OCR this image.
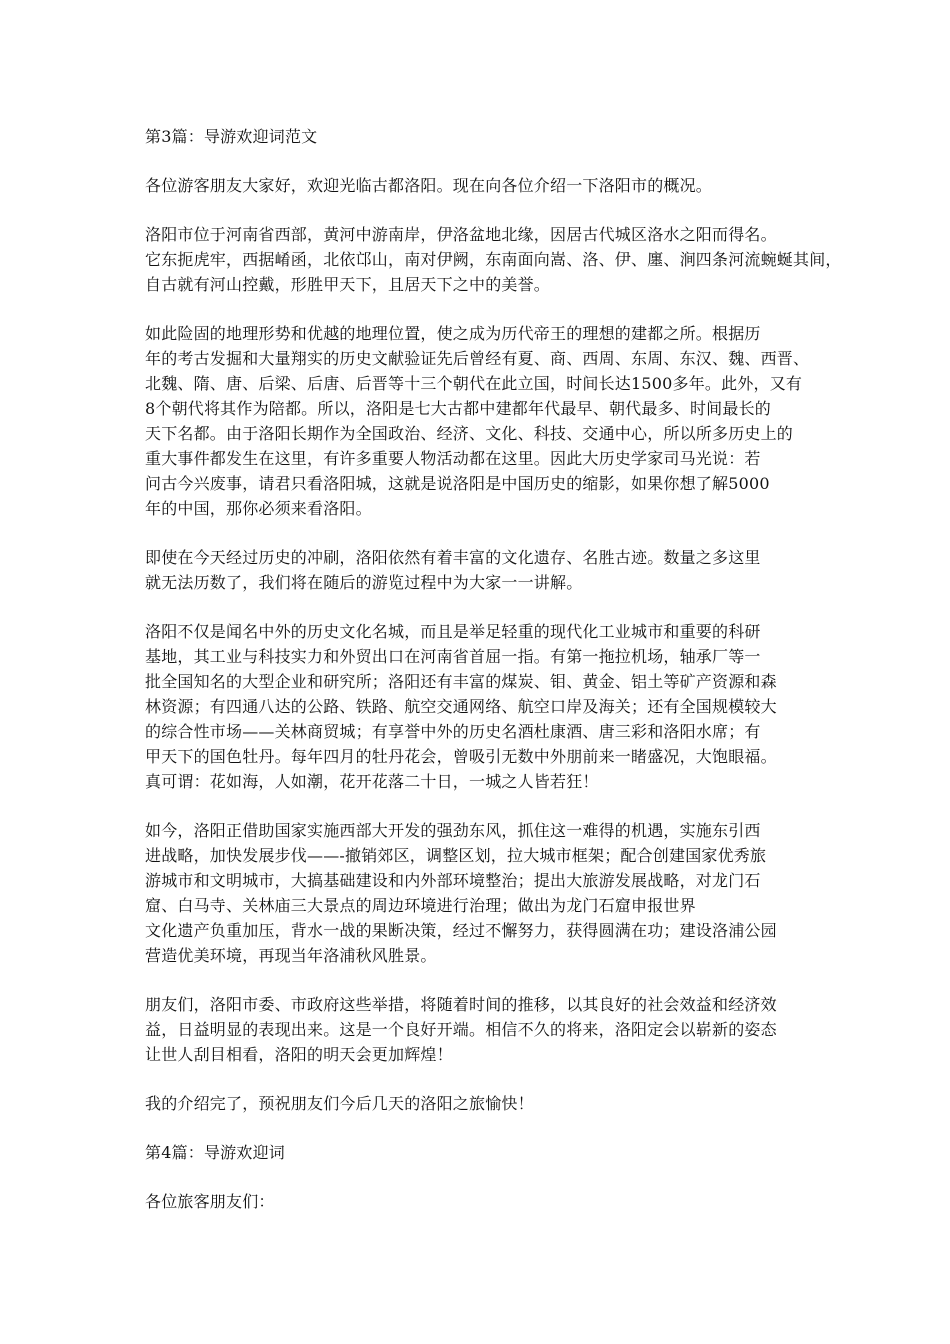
第3篇：导游欢迎词范文

各位游客朋友大家好，欢迎光临古都洛阳。现在向各位介绍一下洛阳市的概况。

洛阳市位于河南省西部，黄河中游南岸，伊洛盆地北缘，因居古代城区洛水之阳而得名。
它东扼虎牢，西据崤函，北依邙山，南对伊阙，东南面向嵩、洛、伊、廛、涧四条河流蜿蜒其间，
自古就有河山控戴，形胜甲天下，且居天下之中的美誉。

如此险固的地理形势和优越的地理位置，使之成为历代帝王的理想的建都之所。根据历
年的考古发掘和大量翔实的历史文献验证先后曾经有夏、商、西周、东周、东汉、魏、西晋、
北魏、隋、唐、后梁、后唐、后晋等十三个朝代在此立国，时间长达1500多年。此外，又有
8个朝代将其作为陪都。所以，洛阳是七大古都中建都年代最早、朝代最多、时间最长的
天下名都。由于洛阳长期作为全国政治、经济、文化、科技、交通中心，所以所多历史上的
重大事件都发生在这里，有许多重要人物活动都在这里。因此大历史学家司马光说：若
问古今兴废事，请君只看洛阳城，这就是说洛阳是中国历史的缩影，如果你想了解5000
年的中国，那你必须来看洛阳。

即使在今天经过历史的冲刷，洛阳依然有着丰富的文化遗存、名胜古迹。数量之多这里
就无法历数了，我们将在随后的游览过程中为大家一一讲解。

洛阳不仅是闻名中外的历史文化名城，而且是举足轻重的现代化工业城市和重要的科研
基地，其工业与科技实力和外贸出口在河南省首屈一指。有第一拖拉机场，轴承厂等一
批全国知名的大型企业和研究所；洛阳还有丰富的煤炭、钼、黄金、铝土等矿产资源和森
林资源；有四通八达的公路、铁路、航空交通网络、航空口岸及海关；还有全国规模较大
的综合性市场——关林商贸城；有享誉中外的历史名酒杜康酒、唐三彩和洛阳水席；有
甲天下的国色牡丹。每年四月的牡丹花会，曾吸引无数中外朋前来一睹盛况，大饱眼福。
真可谓：花如海，人如潮，花开花落二十日，一城之人皆若狂！

如今，洛阳正借助国家实施西部大开发的强劲东风，抓住这一难得的机遇，实施东引西
进战略，加快发展步伐——-撤销郊区，调整区划，拉大城市框架；配合创建国家优秀旅
游城市和文明城市，大搞基础建设和内外部环境整治；提出大旅游发展战略，对龙门石
窟、白马寺、关林庙三大景点的周边环境进行治理；做出为龙门石窟申报世界
文化遗产负重加压，背水一战的果断决策，经过不懈努力，获得圆满在功；建设洛浦公园
营造优美环境，再现当年洛浦秋风胜景。

朋友们，洛阳市委、市政府这些举措，将随着时间的推移，以其良好的社会效益和经济效
益，日益明显的表现出来。这是一个良好开端。相信不久的将来，洛阳定会以崭新的姿态
让世人刮目相看，洛阳的明天会更加辉煌！

我的介绍完了，预祝朋友们今后几天的洛阳之旅愉快！

第4篇：导游欢迎词

各位旅客朋友们：
